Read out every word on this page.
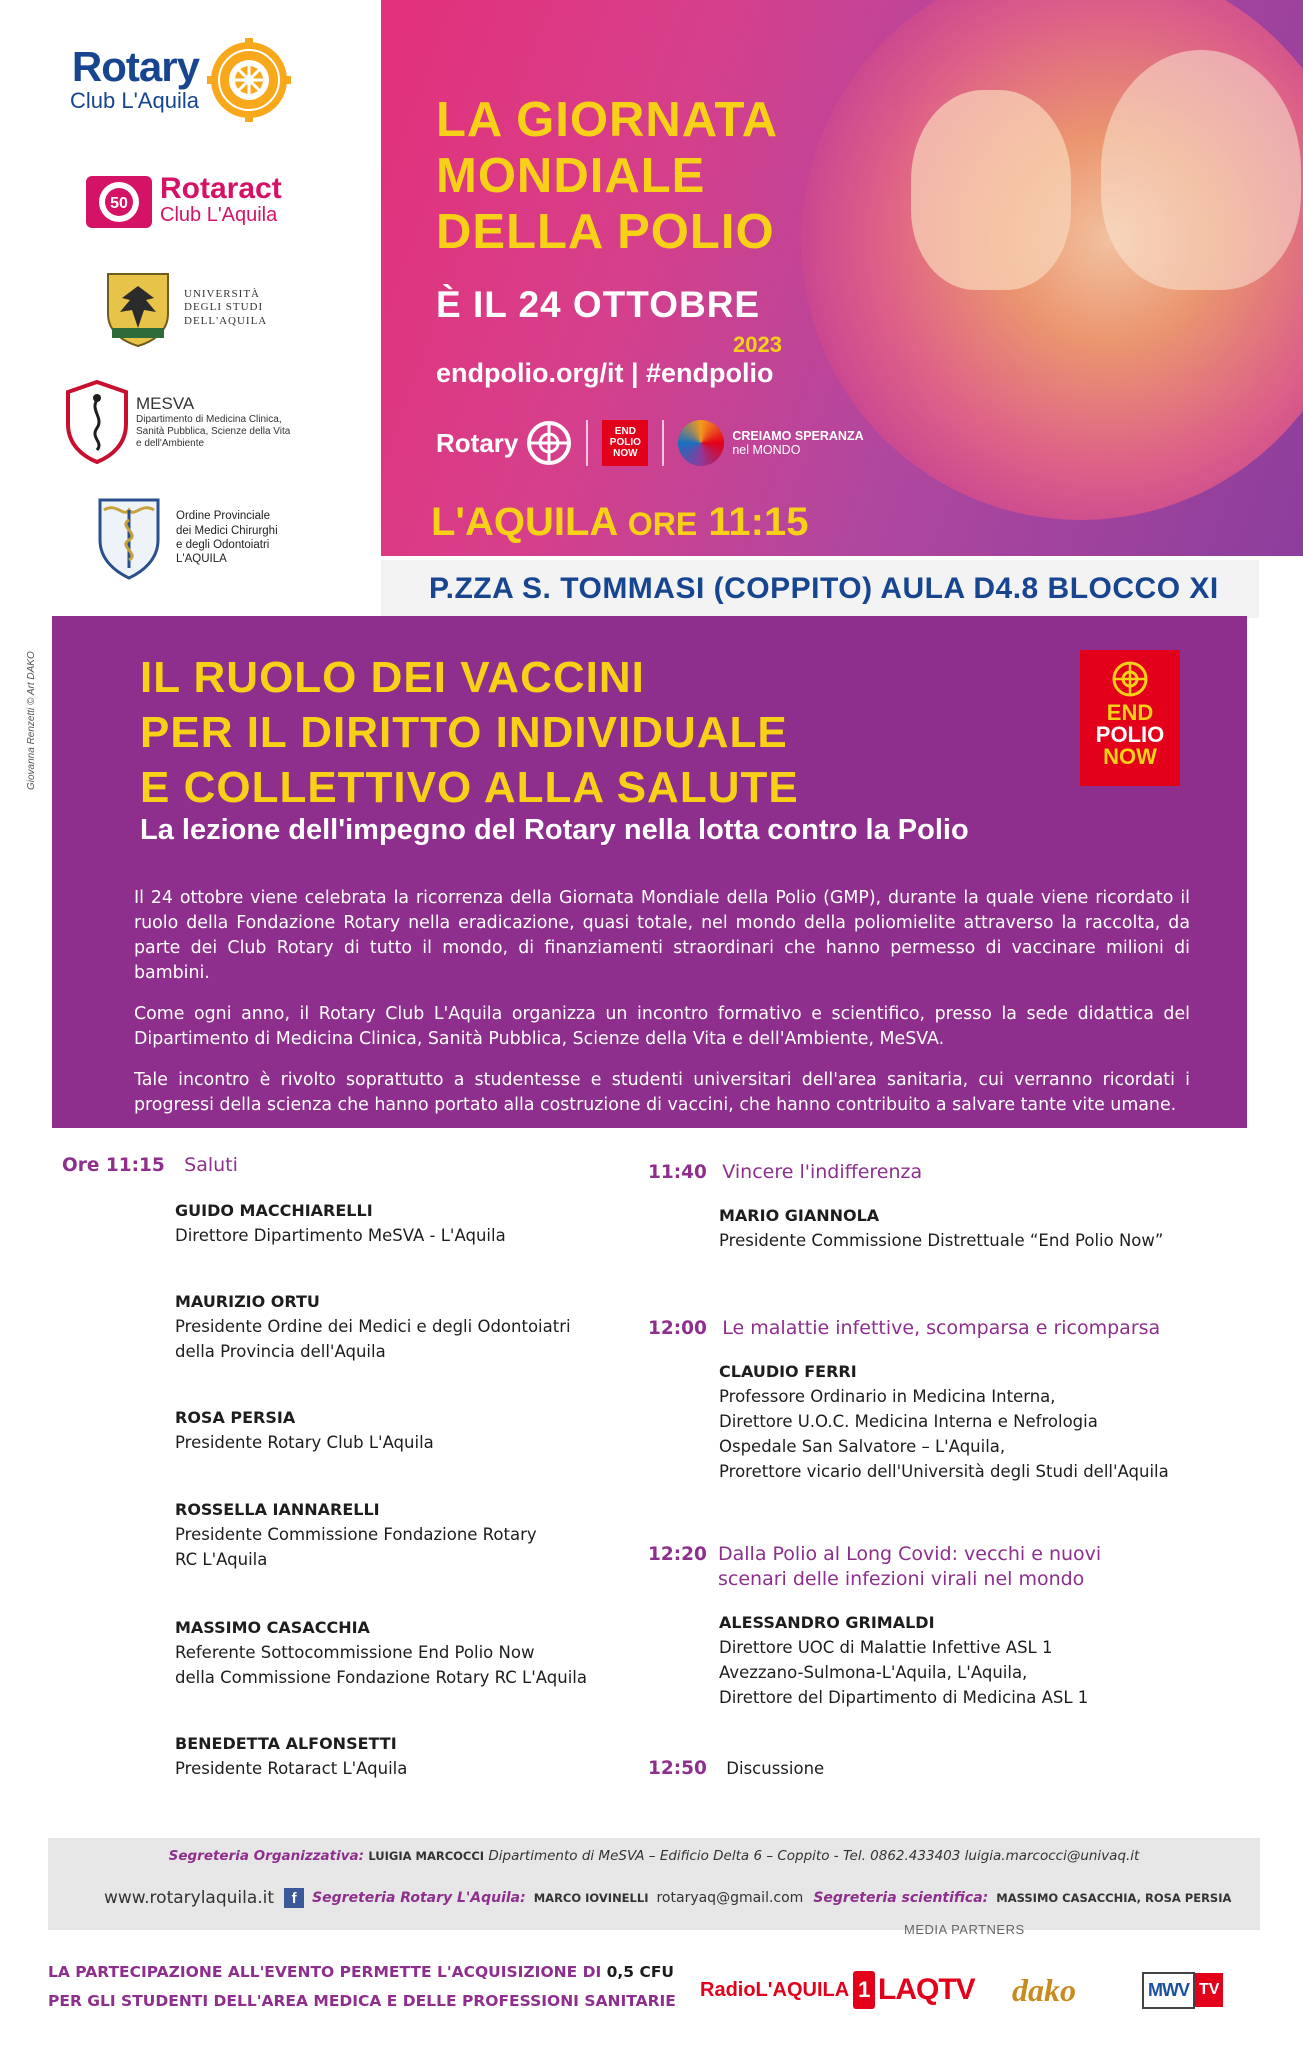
Rotary
Club L'Aquila
50 Rotaract
Club L'Aquila
UNIVERSITÀ
DEGLI STUDI
DELL'AQUILA
MESVA
Dipartimento di Medicina Clinica,
Sanità Pubblica, Scienze della Vita
e dell'Ambiente
Ordine Provinciale
dei Medici Chirurghi
e degli Odontoiatri
L'AQUILA
Giovanna Renzetti © Art DAKO
LA GIORNATA
MONDIALE
DELLA POLIO
È IL 24 OTTOBRE
2023
endpolio.org/it | #endpolio
Rotary	END
POLIO
NOW
CREIAMO SPERANZA
nel MONDO
L'AQUILA ORE 11:15
P.ZZA S. TOMMASI (COPPITO) AULA D4.8 BLOCCO XI
IL RUOLO DEI VACCINI
PER IL DIRITTO INDIVIDUALE
E COLLETTIVO ALLA SALUTE
END
POLIO
NOW
La lezione dell'impegno del Rotary nella lotta contro la Polio

Il 24 ottobre viene celebrata la ricorrenza della Giornata Mondiale della Polio (GMP), durante la quale viene ricordato il ruolo della Fondazione Rotary nella eradicazione, quasi totale, nel mondo della poliomielite attraverso la raccolta, da parte dei Club Rotary di tutto il mondo, di finanziamenti straordinari che hanno permesso di vaccinare milioni di bambini.

Come ogni anno, il Rotary Club L'Aquila organizza un incontro formativo e scientifico, presso la sede didattica del Dipartimento di Medicina Clinica, Sanità Pubblica, Scienze della Vita e dell'Ambiente, MeSVA.

Tale incontro è rivolto soprattutto a studentesse e studenti universitari dell'area sanitaria, cui verranno ricordati i progressi della scienza che hanno portato alla costruzione di vaccini, che hanno contribuito a salvare tante vite umane.

Ore 11:15 Saluti
GUIDO MACCHIARELLI
Direttore Dipartimento MeSVA - L'Aquila
MAURIZIO ORTU
Presidente Ordine dei Medici e degli Odontoiatri
della Provincia dell'Aquila
ROSA PERSIA
Presidente Rotary Club L'Aquila
ROSSELLA IANNARELLI
Presidente Commissione Fondazione Rotary
RC L'Aquila
MASSIMO CASACCHIA
Referente Sottocommissione End Polio Now
della Commissione Fondazione Rotary RC L'Aquila
BENEDETTA ALFONSETTI
Presidente Rotaract L'Aquila
11:40 Vincere l'indifferenza
MARIO GIANNOLA
Presidente Commissione Distrettuale “End Polio Now”
12:00 Le malattie infettive, scomparsa e ricomparsa
CLAUDIO FERRI
Professore Ordinario in Medicina Interna,
Direttore U.O.C. Medicina Interna e Nefrologia
Ospedale San Salvatore – L'Aquila,
Prorettore vicario dell'Università degli Studi dell'Aquila
12:20 Dalla Polio al Long Covid: vecchi e nuovi
scenari delle infezioni virali nel mondo
ALESSANDRO GRIMALDI
Direttore UOC di Malattie Infettive ASL 1
Avezzano-Sulmona-L'Aquila, L'Aquila,
Direttore del Dipartimento di Medicina ASL 1
12:50 Discussione
Segreteria Organizzativa: LUIGIA MARCOCCI Dipartimento di MeSVA – Edificio Delta 6 – Coppito - Tel. 0862.433403 luigia.marcocci@univaq.it
www.rotarylaquila.it	f	Segreteria Rotary L'Aquila: MARCO IOVINELLI rotaryaq@gmail.com Segreteria scientifica: MASSIMO CASACCHIA, ROSA PERSIA
MEDIA PARTNERS
LA PARTECIPAZIONE ALL'EVENTO PERMETTE L'ACQUISIZIONE DI 0,5 CFU
PER GLI STUDENTI DELL'AREA MEDICA E DELLE PROFESSIONI SANITARIE
RadioL'AQUILA 1 LAQTV dako	MWV TV
